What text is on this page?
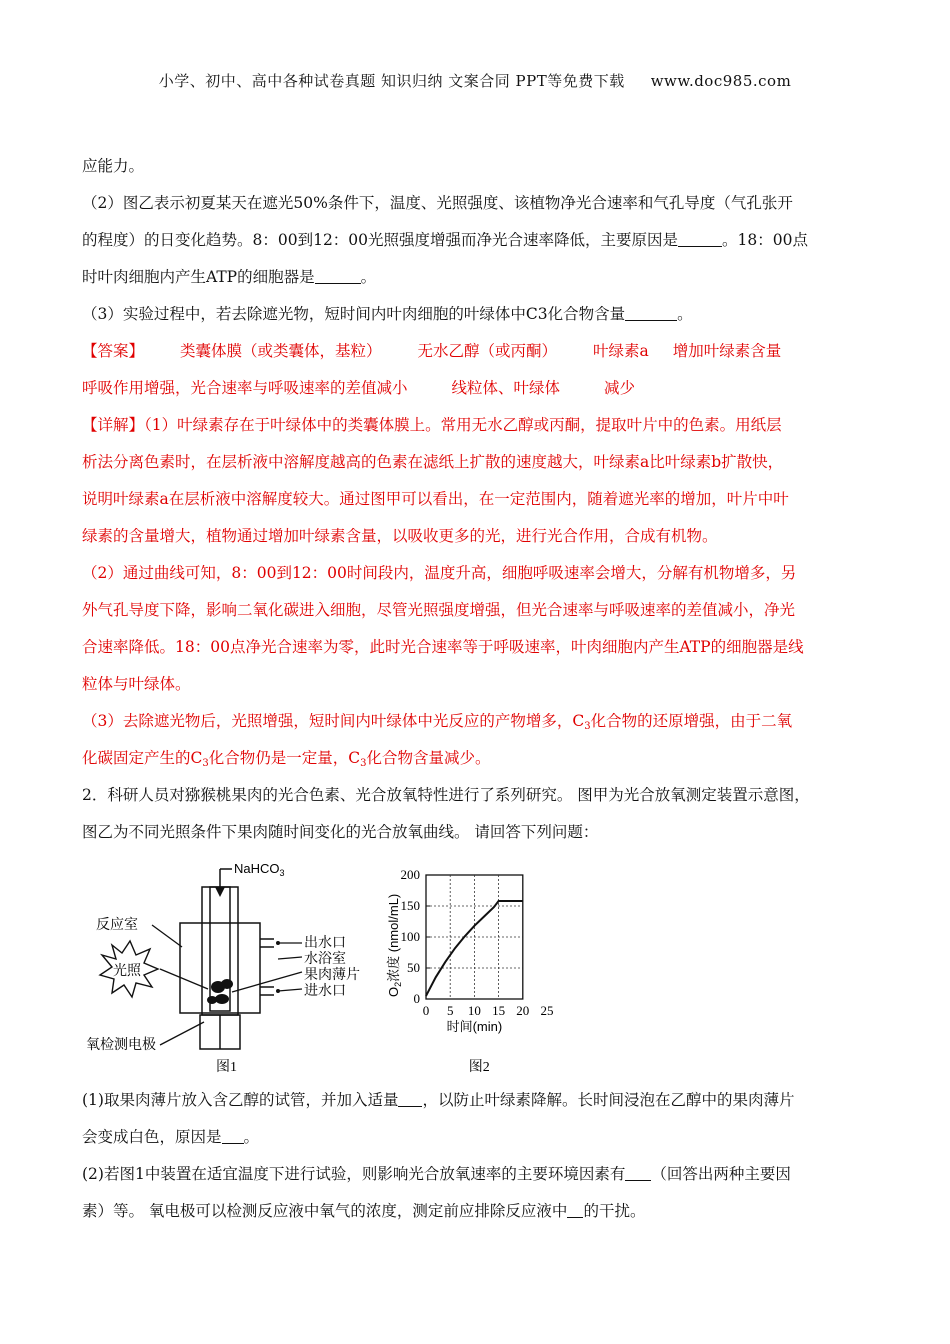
小学、初中、高中各种试卷真题 知识归纳 文案合同 PPT等免费下载 www.doc985.com
应能力。
（2）图乙表示初夏某天在遮光50%条件下，温度、光照强度、该植物净光合速率和气孔导度（气孔张开
的程度）的日变化趋势。8：00到12：00光照强度增强而净光合速率降低，主要原因是	。18：00点
时叶肉细胞内产生ATP的细胞器是	。
（3）实验过程中，若去除遮光物，短时间内叶肉细胞的叶绿体中C3化合物含量	。
【答案】 类囊体膜（或类囊体，基粒） 无水乙醇（或丙酮） 叶绿素a 增加叶绿素含量
呼吸作用增强，光合速率与呼吸速率的差值减小	线粒体、叶绿体	减少
【详解】（1）叶绿素存在于叶绿体中的类囊体膜上。常用无水乙醇或丙酮，提取叶片中的色素。用纸层
析法分离色素时，在层析液中溶解度越高的色素在滤纸上扩散的速度越大，叶绿素a比叶绿素b扩散快，
说明叶绿素a在层析液中溶解度较大。通过图甲可以看出，在一定范围内，随着遮光率的增加，叶片中叶
绿素的含量增大，植物通过增加叶绿素含量，以吸收更多的光，进行光合作用，合成有机物。
（2）通过曲线可知，8：00到12：00时间段内，温度升高，细胞呼吸速率会增大，分解有机物增多，另
外气孔导度下降，影响二氧化碳进入细胞，尽管光照强度增强，但光合速率与呼吸速率的差值减小，净光
合速率降低。18：00点净光合速率为零，此时光合速率等于呼吸速率，叶肉细胞内产生ATP的细胞器是线
粒体与叶绿体。
（3）去除遮光物后，光照增强，短时间内叶绿体中光反应的产物增多，$C_3$化合物的还原增强，由于二氧
化碳固定产生的$C_3$化合物仍是一定量，$C_3$化合物含量减少。
2．科研人员对猕猴桃果肉的光合色素、光合放氧特性进行了系列研究。 图甲为光合放氧测定装置示意图，
图乙为不同光照条件下果肉随时间变化的光合放氧曲线。 请回答下列问题：
光照
NaHCO$_3$
反应室
氧检测电极
出水口
水浴室
果肉薄片
进水口
图1
0
50
100
150
200
0 5 10 15 20 25
时间(min)
$O_2$浓度 (nmol/mL)
图2
(1)取果肉薄片放入含乙醇的试管，并加入适量 ，以防止叶绿素降解。长时间浸泡在乙醇中的果肉薄片
会变成白色，原因是 。
(2)若图1中装置在适宜温度下进行试验，则影响光合放氧速率的主要环境因素有 （回答出两种主要因
素）等。 氧电极可以检测反应液中氧气的浓度，测定前应排除反应液中 的干扰。
